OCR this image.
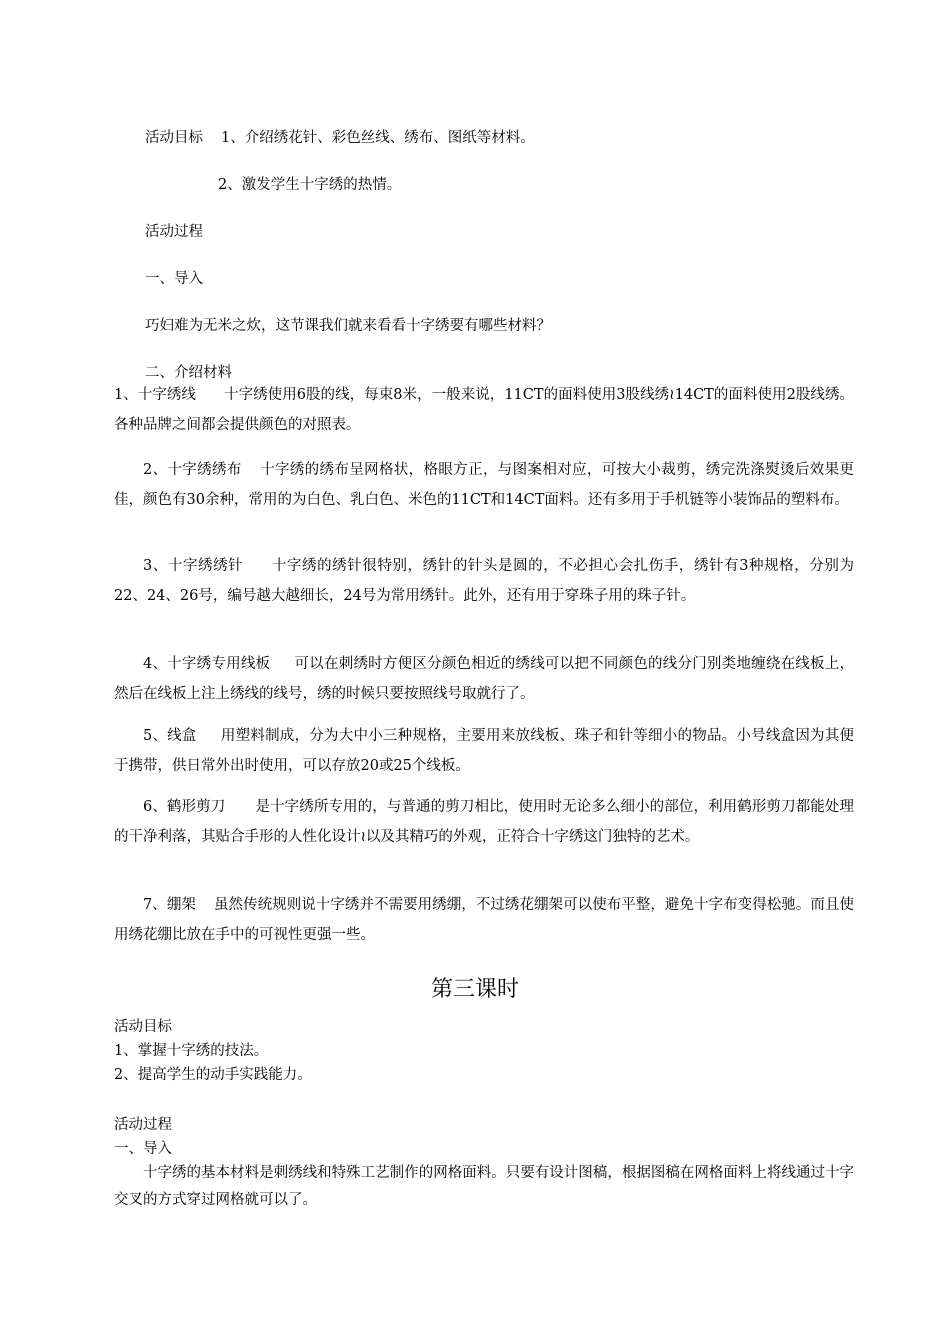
活动目标 1、介绍绣花针、彩色丝线、绣布、图纸等材料。
2、激发学生十字绣的热情。
活动过程
一、导入
巧妇难为无米之炊，这节课我们就来看看十字绣要有哪些材料？
二、介绍材料
1、十字绣线 十字绣使用6股的线，每束8米，一般来说，11CT的面料使用3股线绣≀14CT的面料使用2股线绣。各种品牌之间都会提供颜色的对照表。
2、十字绣绣布 十字绣的绣布呈网格状，格眼方正，与图案相对应，可按大小裁剪，绣完洗涤熨烫后效果更佳，颜色有30余种，常用的为白色、乳白色、米色的11CT和14CT面料。还有多用于手机链等小装饰品的塑料布。
3、十字绣绣针 十字绣的绣针很特别，绣针的针头是圆的，不必担心会扎伤手，绣针有3种规格，分别为22、24、26号，编号越大越细长，24号为常用绣针。此外，还有用于穿珠子用的珠子针。
4、十字绣专用线板 可以在刺绣时方便区分颜色相近的绣线可以把不同颜色的线分门别类地缠绕在线板上，然后在线板上注上绣线的线号，绣的时候只要按照线号取就行了。
5、线盒 用塑料制成，分为大中小三种规格，主要用来放线板、珠子和针等细小的物品。小号线盒因为其便于携带，供日常外出时使用，可以存放20或25个线板。
6、鹤形剪刀 是十字绣所专用的，与普通的剪刀相比，使用时无论多么细小的部位，利用鹤形剪刀都能处理的干净利落，其贴合手形的人性化设计≀以及其精巧的外观，正符合十字绣这门独特的艺术。
7、绷架 虽然传统规则说十字绣并不需要用绣绷，不过绣花绷架可以使布平整，避免十字布变得松驰。而且使用绣花绷比放在手中的可视性更强一些。
第三课时
活动目标
1、掌握十字绣的技法。
2、提高学生的动手实践能力。
活动过程
一、导入
十字绣的基本材料是刺绣线和特殊工艺制作的网格面料。只要有设计图稿，根据图稿在网格面料上将线通过十字交叉的方式穿过网格就可以了。
